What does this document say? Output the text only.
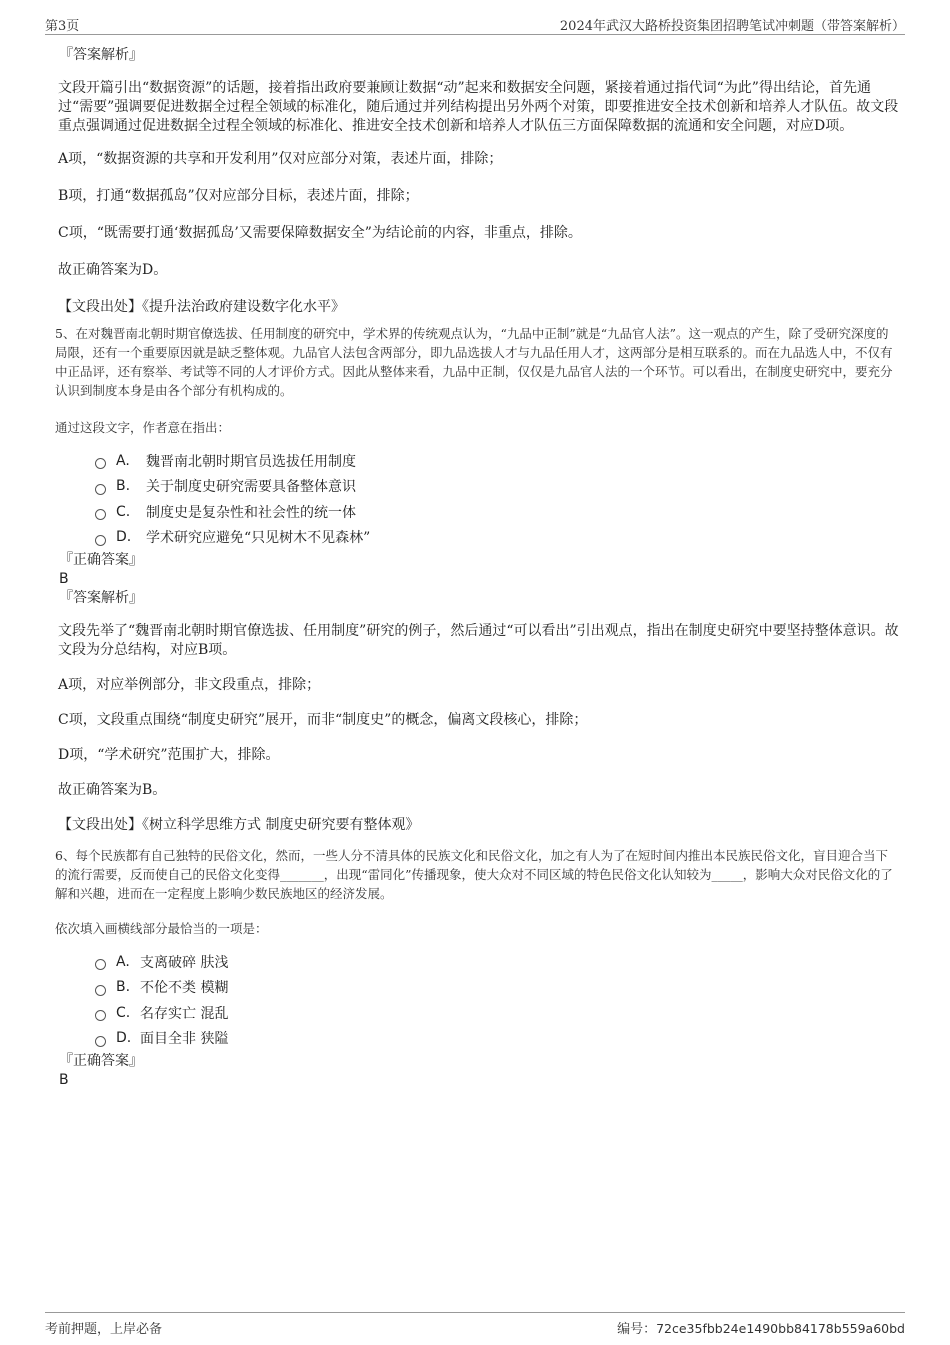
第3页	2024年武汉大路桥投资集团招聘笔试冲刺题（带答案解析）

『答案解析』

文段开篇引出“数据资源”的话题，接着指出政府要兼顾让数据“动”起来和数据安全问题，紧接着通过指代词“为此”得出结论，首先通过“需要”强调要促进数据全过程全领域的标准化，随后通过并列结构提出另外两个对策，即要推进安全技术创新和培养人才队伍。故文段重点强调通过促进数据全过程全领域的标准化、推进安全技术创新和培养人才队伍三方面保障数据的流通和安全问题，对应D项。

A项，“数据资源的共享和开发利用”仅对应部分对策，表述片面，排除；

B项，打通“数据孤岛”仅对应部分目标，表述片面，排除；

C项，“既需要打通‘数据孤岛’又需要保障数据安全”为结论前的内容，非重点，排除。

故正确答案为D。

【文段出处】《提升法治政府建设数字化水平》

5、在对魏晋南北朝时期官僚选拔、任用制度的研究中，学术界的传统观点认为，“九品中正制”就是“九品官人法”。这一观点的产生，除了受研究深度的局限，还有一个重要原因就是缺乏整体观。九品官人法包含两部分，即九品选拔人才与九品任用人才，这两部分是相互联系的。而在九品选人中，不仅有中正品评，还有察举、考试等不同的人才评价方式。因此从整体来看，九品中正制，仅仅是九品官人法的一个环节。可以看出，在制度史研究中，要充分认识到制度本身是由各个部分有机构成的。

通过这段文字，作者意在指出：

A.	魏晋南北朝时期官员选拔任用制度
B.	关于制度史研究需要具备整体意识
C.	制度史是复杂性和社会性的统一体
D.	学术研究应避免“只见树木不见森林”

『正确答案』

B

『答案解析』

文段先举了“魏晋南北朝时期官僚选拔、任用制度”研究的例子，然后通过“可以看出”引出观点，指出在制度史研究中要坚持整体意识。故文段为分总结构，对应B项。

A项，对应举例部分，非文段重点，排除；

C项，文段重点围绕“制度史研究”展开，而非“制度史”的概念，偏离文段核心，排除；

D项，“学术研究”范围扩大，排除。

故正确答案为B。

【文段出处】《树立科学思维方式 制度史研究要有整体观》

6、每个民族都有自己独特的民俗文化，然而，一些人分不清具体的民族文化和民俗文化，加之有人为了在短时间内推出本民族民俗文化，盲目迎合当下的流行需要，反而使自己的民俗文化变得_______，出现“雷同化”传播现象，使大众对不同区域的特色民俗文化认知较为_____，影响大众对民俗文化的了解和兴趣，进而在一定程度上影响少数民族地区的经济发展。

依次填入画横线部分最恰当的一项是：

A. 支离破碎 肤浅
B. 不伦不类 模糊
C. 名存实亡 混乱
D. 面目全非 狭隘

『正确答案』

B

考前押题，上岸必备	编号：72ce35fbb24e1490bb84178b559a60bd
